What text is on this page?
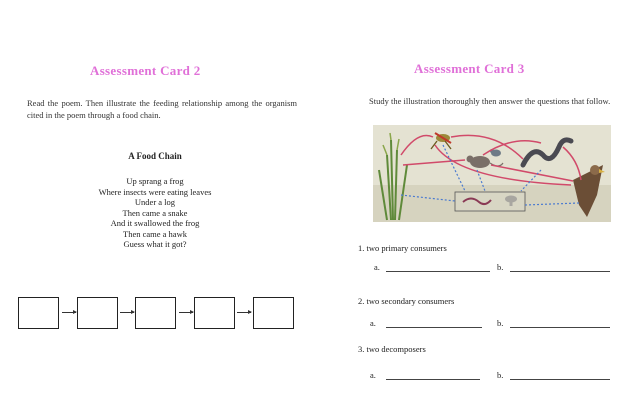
Assessment Card 2
Read the poem. Then illustrate the feeding relationship among the organism cited in the poem through a food chain.
A Food Chain
Up sprang a frog
Where insects were eating leaves
Under a log
Then came a snake
And it swallowed the frog
Then came a hawk
Guess what it got?
Assessment Card 3
Study the illustration thoroughly then answer the questions that follow.
1. two primary consumers
a.	b.
2. two secondary consumers
a.	b.
3. two decomposers
a.	b.
